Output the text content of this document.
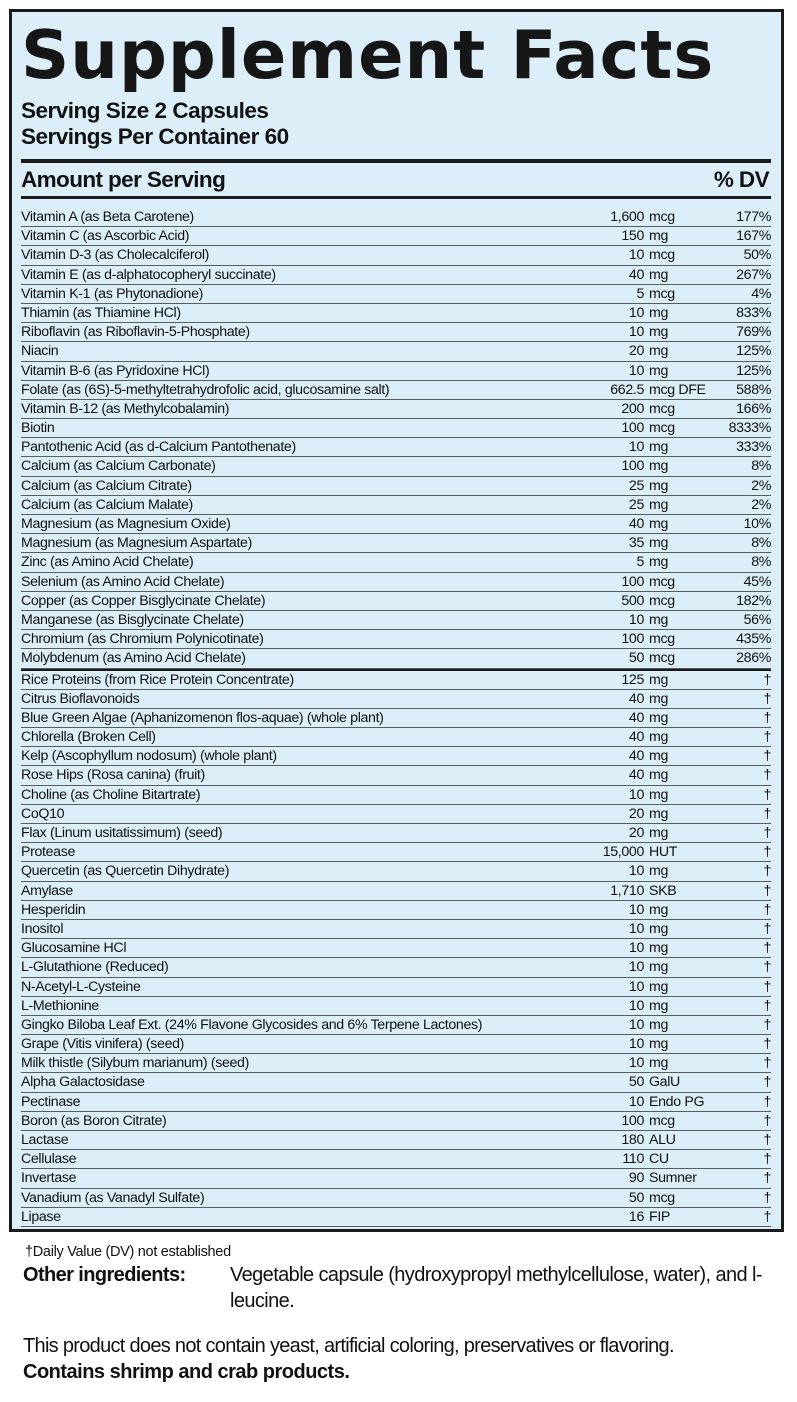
Supplement Facts
Serving Size 2 Capsules
Servings Per Container 60
Amount per Serving	% DV
Vitamin A (as Beta Carotene)	1,600 mcg	177%
Vitamin C (as Ascorbic Acid)	150 mg	167%
Vitamin D-3 (as Cholecalciferol)	10 mcg	50%
Vitamin E (as d-alphatocopheryl succinate)	40 mg	267%
Vitamin K-1 (as Phytonadione)	5 mcg	4%
Thiamin (as Thiamine HCl)	10 mg	833%
Riboflavin (as Riboflavin-5-Phosphate)	10 mg	769%
Niacin	20 mg	125%
Vitamin B-6 (as Pyridoxine HCl)	10 mg	125%
Folate (as (6S)-5-methyltetrahydrofolic acid, glucosamine salt)	662.5 mcg DFE	588%
Vitamin B-12 (as Methylcobalamin)	200 mcg	166%
Biotin	100 mcg	8333%
Pantothenic Acid (as d-Calcium Pantothenate)	10 mg	333%
Calcium (as Calcium Carbonate)	100 mg	8%
Calcium (as Calcium Citrate)	25 mg	2%
Calcium (as Calcium Malate)	25 mg	2%
Magnesium (as Magnesium Oxide)	40 mg	10%
Magnesium (as Magnesium Aspartate)	35 mg	8%
Zinc (as Amino Acid Chelate)	5 mg	8%
Selenium (as Amino Acid Chelate)	100 mcg	45%
Copper (as Copper Bisglycinate Chelate)	500 mcg	182%
Manganese (as Bisglycinate Chelate)	10 mg	56%
Chromium (as Chromium Polynicotinate)	100 mcg	435%
Molybdenum (as Amino Acid Chelate)	50 mcg	286%
Rice Proteins (from Rice Protein Concentrate)	125 mg	†
Citrus Bioflavonoids	40 mg	†
Blue Green Algae (Aphanizomenon flos-aquae) (whole plant)	40 mg	†
Chlorella (Broken Cell)	40 mg	†
Kelp (Ascophyllum nodosum) (whole plant)	40 mg	†
Rose Hips (Rosa canina) (fruit)	40 mg	†
Choline (as Choline Bitartrate)	10 mg	†
CoQ10	20 mg	†
Flax (Linum usitatissimum) (seed)	20 mg	†
Protease	15,000 HUT	†
Quercetin (as Quercetin Dihydrate)	10 mg	†
Amylase	1,710 SKB	†
Hesperidin	10 mg	†
Inositol	10 mg	†
Glucosamine HCl	10 mg	†
L-Glutathione (Reduced)	10 mg	†
N-Acetyl-L-Cysteine	10 mg	†
L-Methionine	10 mg	†
Gingko Biloba Leaf Ext. (24% Flavone Glycosides and 6% Terpene Lactones)	10 mg	†
Grape (Vitis vinifera) (seed)	10 mg	†
Milk thistle (Silybum marianum) (seed)	10 mg	†
Alpha Galactosidase	50 GalU	†
Pectinase	10 Endo PG	†
Boron (as Boron Citrate)	100 mcg	†
Lactase	180 ALU	†
Cellulase	110 CU	†
Invertase	90 Sumner	†
Vanadium (as Vanadyl Sulfate)	50 mcg	†
Lipase	16 FIP	†
†Daily Value (DV) not established
Other ingredients:	Vegetable capsule (hydroxypropyl methylcellulose, water), and l-leucine.
This product does not contain yeast, artificial coloring, preservatives or flavoring.
Contains shrimp and crab products.
